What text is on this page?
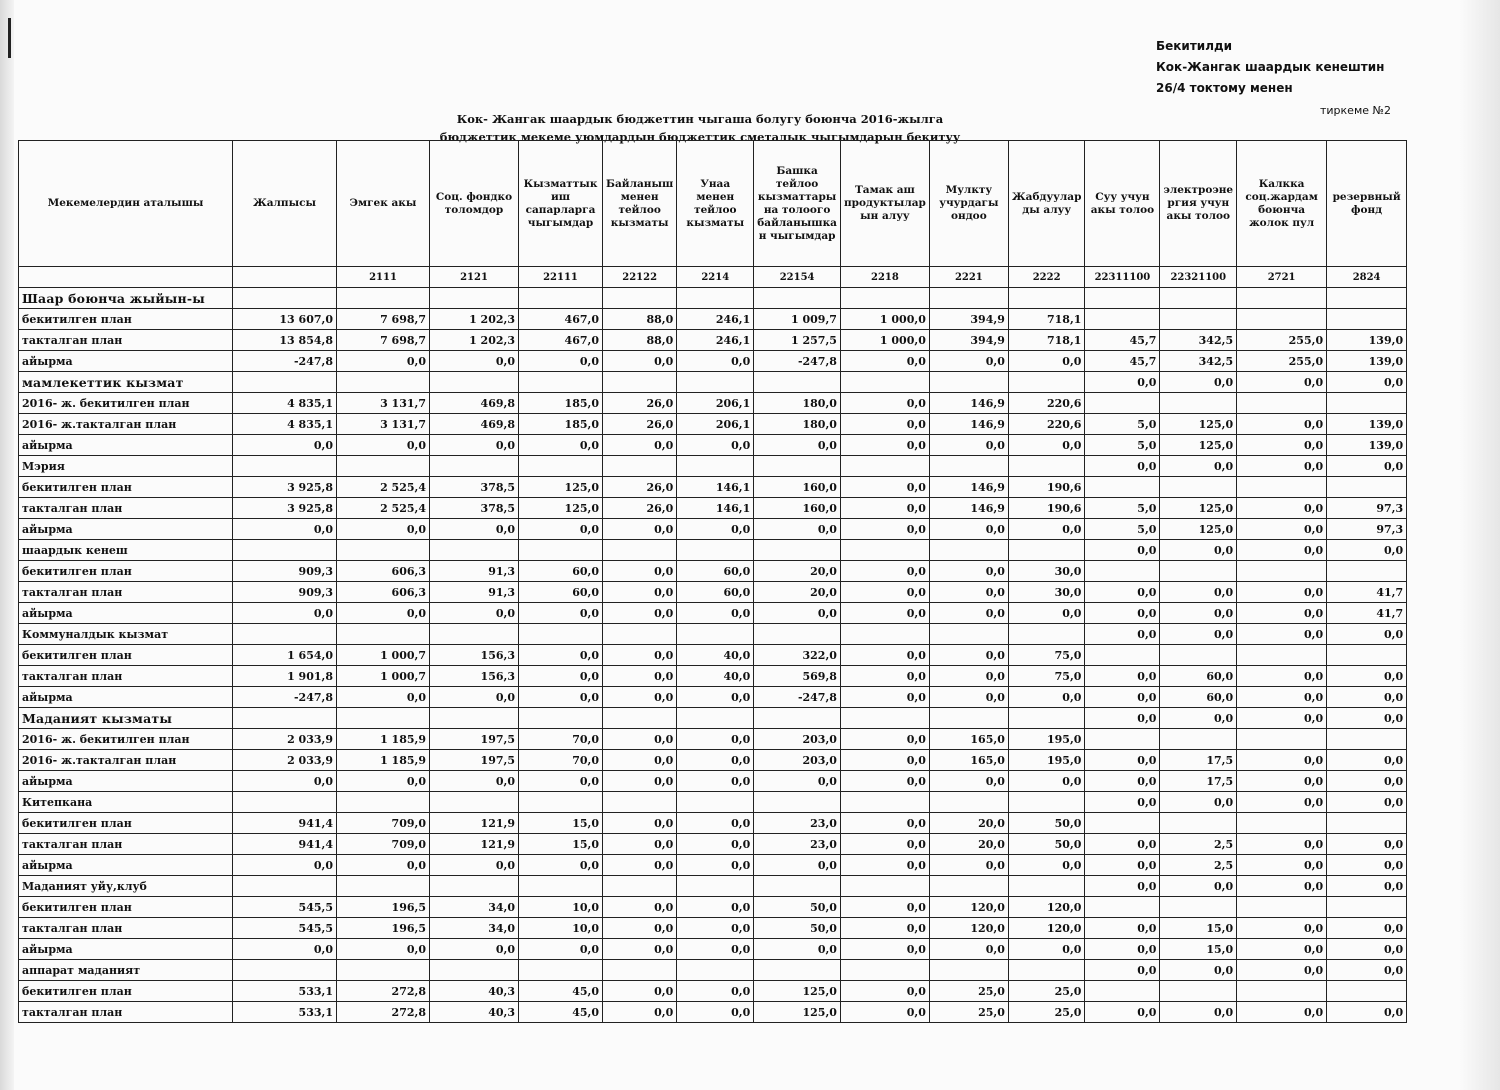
Бекитилди
Кок-Жангак шаардык кенештин
26/4 токтому менен
тиркеме №2
Кок- Жангак шаардык бюджеттин чыгаша болугу боюнча 2016-жылга
бюджеттик мекеме уюмдардын бюджеттик сметалык чыгымдарын бекитуу
Мекемелердин аталышы	Жалпысы	Эмгек акы	Соц. фондко толомдор	Кызматтык иш сапарларга чыгымдар	Байланыш менен тейлоо кызматы	Унаа менен тейлоо кызматы	Башка тейлоо кызматтары на толоого байланышка н чыгымдар	Тамак аш продуктылар ын алуу	Мулкту учурдагы ондоо	Жабдуулар ды алуу	Суу учун акы толоо	электроэне ргия учун акы толоо	Калкка соц.жардам боюнча жолок пул	резервный фонд
		2111	2121	22111	22122	2214	22154	2218	2221	2222	22311100	22321100	2721	2824
Шаар боюнча жыйын-ы														
бекитилген план	13 607,0	7 698,7	1 202,3	467,0	88,0	246,1	1 009,7	1 000,0	394,9	718,1				
такталган план	13 854,8	7 698,7	1 202,3	467,0	88,0	246,1	1 257,5	1 000,0	394,9	718,1	45,7	342,5	255,0	139,0
айырма	-247,8	0,0	0,0	0,0	0,0	0,0	-247,8	0,0	0,0	0,0	45,7	342,5	255,0	139,0
мамлекеттик кызмат											0,0	0,0	0,0	0,0
2016- ж. бекитилген план	4 835,1	3 131,7	469,8	185,0	26,0	206,1	180,0	0,0	146,9	220,6				
2016- ж.такталган план	4 835,1	3 131,7	469,8	185,0	26,0	206,1	180,0	0,0	146,9	220,6	5,0	125,0	0,0	139,0
айырма	0,0	0,0	0,0	0,0	0,0	0,0	0,0	0,0	0,0	0,0	5,0	125,0	0,0	139,0
Мэрия											0,0	0,0	0,0	0,0
бекитилген план	3 925,8	2 525,4	378,5	125,0	26,0	146,1	160,0	0,0	146,9	190,6				
такталган план	3 925,8	2 525,4	378,5	125,0	26,0	146,1	160,0	0,0	146,9	190,6	5,0	125,0	0,0	97,3
айырма	0,0	0,0	0,0	0,0	0,0	0,0	0,0	0,0	0,0	0,0	5,0	125,0	0,0	97,3
шаардык кенеш											0,0	0,0	0,0	0,0
бекитилген план	909,3	606,3	91,3	60,0	0,0	60,0	20,0	0,0	0,0	30,0				
такталган план	909,3	606,3	91,3	60,0	0,0	60,0	20,0	0,0	0,0	30,0	0,0	0,0	0,0	41,7
айырма	0,0	0,0	0,0	0,0	0,0	0,0	0,0	0,0	0,0	0,0	0,0	0,0	0,0	41,7
Коммуналдык кызмат											0,0	0,0	0,0	0,0
бекитилген план	1 654,0	1 000,7	156,3	0,0	0,0	40,0	322,0	0,0	0,0	75,0				
такталган план	1 901,8	1 000,7	156,3	0,0	0,0	40,0	569,8	0,0	0,0	75,0	0,0	60,0	0,0	0,0
айырма	-247,8	0,0	0,0	0,0	0,0	0,0	-247,8	0,0	0,0	0,0	0,0	60,0	0,0	0,0
Маданият кызматы											0,0	0,0	0,0	0,0
2016- ж. бекитилген план	2 033,9	1 185,9	197,5	70,0	0,0	0,0	203,0	0,0	165,0	195,0				
2016- ж.такталган план	2 033,9	1 185,9	197,5	70,0	0,0	0,0	203,0	0,0	165,0	195,0	0,0	17,5	0,0	0,0
айырма	0,0	0,0	0,0	0,0	0,0	0,0	0,0	0,0	0,0	0,0	0,0	17,5	0,0	0,0
Китепкана											0,0	0,0	0,0	0,0
бекитилген план	941,4	709,0	121,9	15,0	0,0	0,0	23,0	0,0	20,0	50,0				
такталган план	941,4	709,0	121,9	15,0	0,0	0,0	23,0	0,0	20,0	50,0	0,0	2,5	0,0	0,0
айырма	0,0	0,0	0,0	0,0	0,0	0,0	0,0	0,0	0,0	0,0	0,0	2,5	0,0	0,0
Маданият уйу,клуб											0,0	0,0	0,0	0,0
бекитилген план	545,5	196,5	34,0	10,0	0,0	0,0	50,0	0,0	120,0	120,0				
такталган план	545,5	196,5	34,0	10,0	0,0	0,0	50,0	0,0	120,0	120,0	0,0	15,0	0,0	0,0
айырма	0,0	0,0	0,0	0,0	0,0	0,0	0,0	0,0	0,0	0,0	0,0	15,0	0,0	0,0
аппарат маданият											0,0	0,0	0,0	0,0
бекитилген план	533,1	272,8	40,3	45,0	0,0	0,0	125,0	0,0	25,0	25,0				
такталган план	533,1	272,8	40,3	45,0	0,0	0,0	125,0	0,0	25,0	25,0	0,0	0,0	0,0	0,0
